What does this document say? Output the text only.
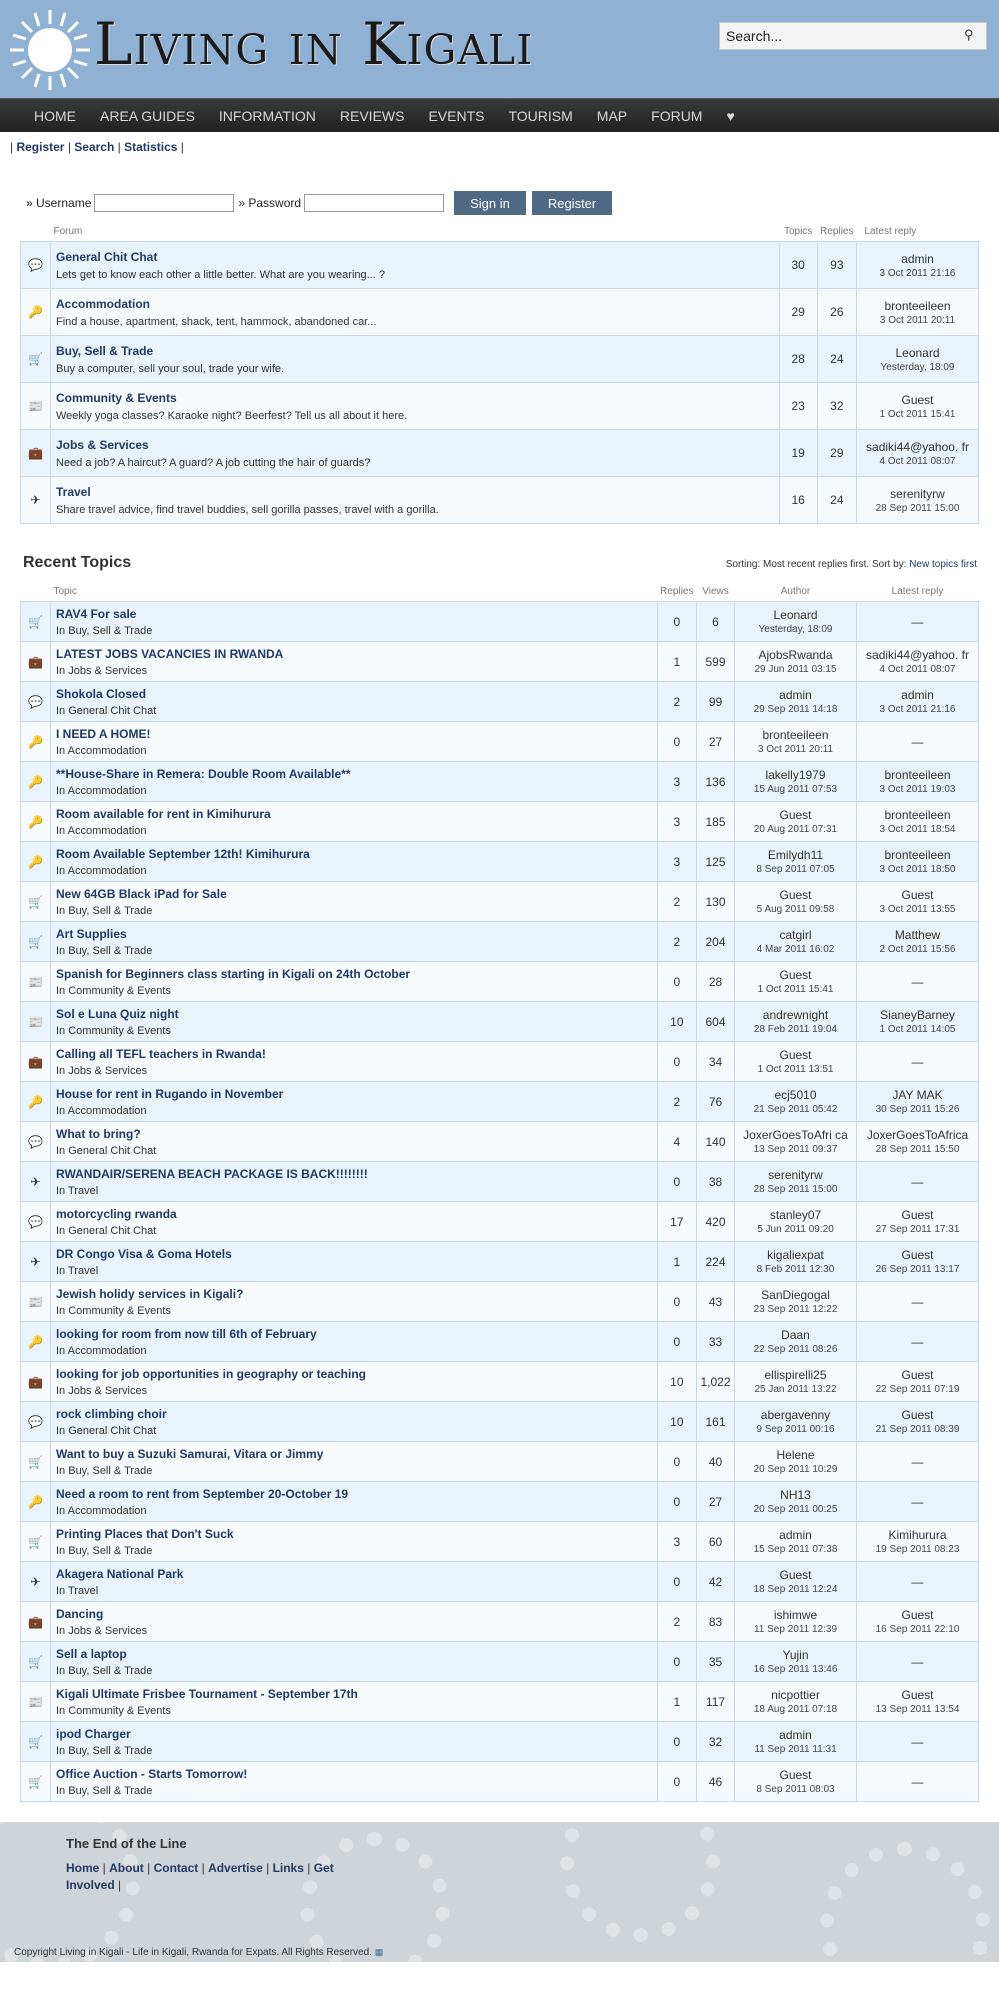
Living in Kigali
Search...	⚲
HOME	AREA GUIDES	INFORMATION	REVIEWS	EVENTS	TOURISM	MAP	FORUM	♥
| Register | Search | Statistics |
» Username	» Password	Sign in	Register
	Forum	Topics	Replies	Latest reply
💬	General Chit Chat
Lets get to know each other a little better. What are you wearing... ?	30	93	admin
3 Oct 2011 21:16

🔑	Accommodation
Find a house, apartment, shack, tent, hammock, abandoned car...	29	26	bronteeileen
3 Oct 2011 20:11

🛒	Buy, Sell & Trade
Buy a computer, sell your soul, trade your wife.	28	24	Leonard
Yesterday, 18:09

📰	Community & Events
Weekly yoga classes? Karaoke night? Beerfest? Tell us all about it here.	23	32	Guest
1 Oct 2011 15:41

💼	Jobs & Services
Need a job? A haircut? A guard? A job cutting the hair of guards?	19	29	sadiki44@yahoo. fr
4 Oct 2011 08:07

✈	Travel
Share travel advice, find travel buddies, sell gorilla passes, travel with a gorilla.	16	24	serenityrw
28 Sep 2011 15:00
Recent Topics	Sorting: Most recent replies first. Sort by: New topics first
	Topic	Replies	Views	Author	Latest reply
🛒	RAV4 For sale
In Buy, Sell & Trade	0	6	Leonard
Yesterday, 18:09	—
💼	LATEST JOBS VACANCIES IN RWANDA
In Jobs & Services	1	599	AjobsRwanda
29 Jun 2011 03:15	sadiki44@yahoo. fr
4 Oct 2011 08:07

💬	Shokola Closed
In General Chit Chat	2	99	admin
29 Sep 2011 14:18	admin
3 Oct 2011 21:16

🔑	I NEED A HOME!
In Accommodation	0	27	bronteeileen
3 Oct 2011 20:11	—
🔑	**House-Share in Remera: Double Room Available**
In Accommodation	3	136	lakelly1979
15 Aug 2011 07:53	bronteeileen
3 Oct 2011 19:03

🔑	Room available for rent in Kimihurura
In Accommodation	3	185	Guest
20 Aug 2011 07:31	bronteeileen
3 Oct 2011 18:54

🔑	Room Available September 12th! Kimihurura
In Accommodation	3	125	Emilydh11
8 Sep 2011 07:05	bronteeileen
3 Oct 2011 18:50

🛒	New 64GB Black iPad for Sale
In Buy, Sell & Trade	2	130	Guest
5 Aug 2011 09:58	Guest
3 Oct 2011 13:55

🛒	Art Supplies
In Buy, Sell & Trade	2	204	catgirl
4 Mar 2011 16:02	Matthew
2 Oct 2011 15:56

📰	Spanish for Beginners class starting in Kigali on 24th October
In Community & Events	0	28	Guest
1 Oct 2011 15:41	—
📰	Sol e Luna Quiz night
In Community & Events	10	604	andrewnight
28 Feb 2011 19:04	SianeyBarney
1 Oct 2011 14:05

💼	Calling all TEFL teachers in Rwanda!
In Jobs & Services	0	34	Guest
1 Oct 2011 13:51	—
🔑	House for rent in Rugando in November
In Accommodation	2	76	ecj5010
21 Sep 2011 05:42	JAY MAK
30 Sep 2011 15:26

💬	What to bring?
In General Chit Chat	4	140	JoxerGoesToAfri ca
13 Sep 2011 09:37	JoxerGoesToAfrica
28 Sep 2011 15:50

✈	RWANDAIR/SERENA BEACH PACKAGE IS BACK!!!!!!!!
In Travel	0	38	serenityrw
28 Sep 2011 15:00	—
💬	motorcycling rwanda
In General Chit Chat	17	420	stanley07
5 Jun 2011 09:20	Guest
27 Sep 2011 17:31

✈	DR Congo Visa & Goma Hotels
In Travel	1	224	kigaliexpat
8 Feb 2011 12:30	Guest
26 Sep 2011 13:17

📰	Jewish holidy services in Kigali?
In Community & Events	0	43	SanDiegogal
23 Sep 2011 12:22	—
🔑	looking for room from now till 6th of February
In Accommodation	0	33	Daan
22 Sep 2011 08:26	—
💼	looking for job opportunities in geography or teaching
In Jobs & Services	10	1,022	ellispirelli25
25 Jan 2011 13:22	Guest
22 Sep 2011 07:19

💬	rock climbing choir
In General Chit Chat	10	161	abergavenny
9 Sep 2011 00:16	Guest
21 Sep 2011 08:39

🛒	Want to buy a Suzuki Samurai, Vitara or Jimmy
In Buy, Sell & Trade	0	40	Helene
20 Sep 2011 10:29	—
🔑	Need a room to rent from September 20-October 19
In Accommodation	0	27	NH13
20 Sep 2011 00:25	—
🛒	Printing Places that Don't Suck
In Buy, Sell & Trade	3	60	admin
15 Sep 2011 07:38	Kimihurura
19 Sep 2011 08:23

✈	Akagera National Park
In Travel	0	42	Guest
18 Sep 2011 12:24	—
💼	Dancing
In Jobs & Services	2	83	ishimwe
11 Sep 2011 12:39	Guest
16 Sep 2011 22:10

🛒	Sell a laptop
In Buy, Sell & Trade	0	35	Yujin
16 Sep 2011 13:46	—
📰	Kigali Ultimate Frisbee Tournament - September 17th
In Community & Events	1	117	nicpottier
18 Aug 2011 07:18	Guest
13 Sep 2011 13:54

🛒	ipod Charger
In Buy, Sell & Trade	0	32	admin
11 Sep 2011 11:31	—
🛒	Office Auction - Starts Tomorrow!
In Buy, Sell & Trade	0	46	Guest
8 Sep 2011 08:03	—
The End of the Line
Home | About | Contact | Advertise | Links | Get Involved |
Copyright Living in Kigali - Life in Kigali, Rwanda for Expats. All Rights Reserved. ▦
